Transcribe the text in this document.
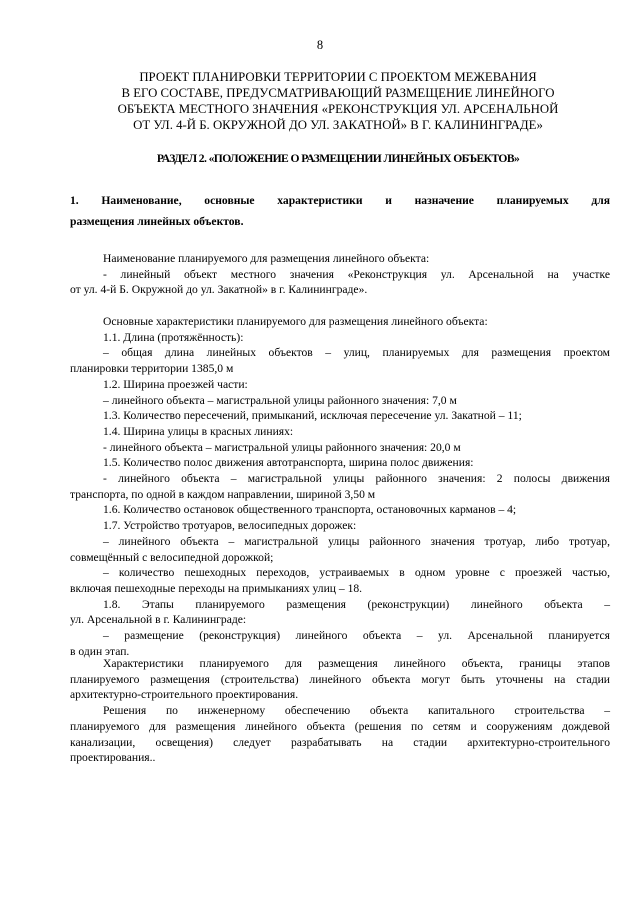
8
ПРОЕКТ ПЛАНИРОВКИ ТЕРРИТОРИИ С ПРОЕКТОМ МЕЖЕВАНИЯ
В ЕГО СОСТАВЕ, ПРЕДУСМАТРИВАЮЩИЙ РАЗМЕЩЕНИЕ ЛИНЕЙНОГО
ОБЪЕКТА МЕСТНОГО ЗНАЧЕНИЯ «РЕКОНСТРУКЦИЯ УЛ. АРСЕНАЛЬНОЙ
ОТ УЛ. 4-Й Б. ОКРУЖНОЙ ДО УЛ. ЗАКАТНОЙ» В Г. КАЛИНИНГРАДЕ»
РАЗДЕЛ 2. «ПОЛОЖЕНИЕ О РАЗМЕЩЕНИИ ЛИНЕЙНЫХ ОБЪЕКТОВ»
1. Наименование, основные характеристики и назначение планируемых для
размещения линейных объектов.
Наименование планируемого для размещения линейного объекта:
- линейный объект местного значения «Реконструкция ул. Арсенальной на участке
от ул. 4-й Б. Окружной до ул. Закатной» в г. Калининграде».
Основные характеристики планируемого для размещения линейного объекта:
1.1. Длина (протяжённость):
– общая длина линейных объектов – улиц, планируемых для размещения проектом
планировки территории 1385,0 м
1.2. Ширина проезжей части:
– линейного объекта – магистральной улицы районного значения: 7,0 м
1.3. Количество пересечений, примыканий, исключая пересечение ул. Закатной – 11;
1.4. Ширина улицы в красных линиях:
- линейного объекта – магистральной улицы районного значения: 20,0 м
1.5. Количество полос движения автотранспорта, ширина полос движения:
- линейного объекта – магистральной улицы районного значения: 2 полосы движения
транспорта, по одной в каждом направлении, шириной 3,50 м
1.6. Количество остановок общественного транспорта, остановочных карманов – 4;
1.7. Устройство тротуаров, велосипедных дорожек:
– линейного объекта – магистральной улицы районного значения тротуар, либо тротуар,
совмещённый с велосипедной дорожкой;
– количество пешеходных переходов, устраиваемых в одном уровне с проезжей частью,
включая пешеходные переходы на примыканиях улиц – 18.
1.8. Этапы планируемого размещения (реконструкции) линейного объекта –
ул. Арсенальной в г. Калининграде:
– размещение (реконструкция) линейного объекта – ул. Арсенальной планируется
в один этап.
Характеристики планируемого для размещения линейного объекта, границы этапов
планируемого размещения (строительства) линейного объекта могут быть уточнены на стадии
архитектурно-строительного проектирования.
Решения по инженерному обеспечению объекта капитального строительства –
планируемого для размещения линейного объекта (решения по сетям и сооружениям дождевой
канализации, освещения) следует разрабатывать на стадии архитектурно-строительного
проектирования..
